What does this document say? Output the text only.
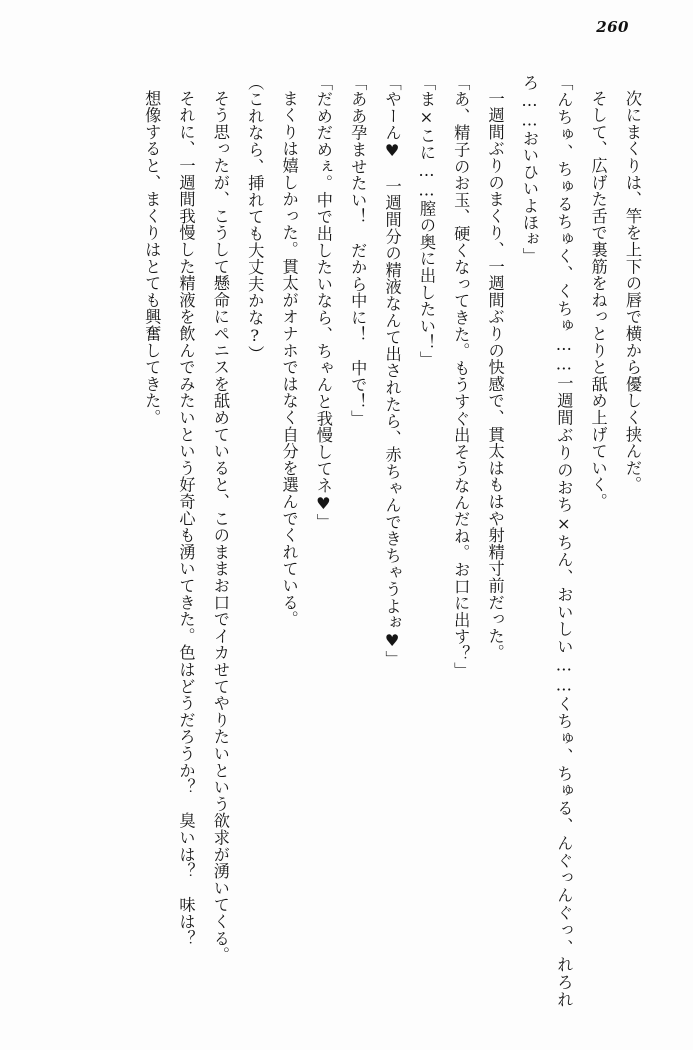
260

次にまくりは、竿を上下の唇で横から優しく挟んだ。

そして、広げた舌で裏筋をねっとりと舐め上げていく。

「んちゅ、ちゅるちゅく、くちゅ……一週間ぶりのおち×ちん、おいしい……くちゅ、ちゅる、んぐっんぐっ、れろれろ……おいひいよほぉ」

一週間ぶりのまくり、一週間ぶりの快感で、貫太はもはや射精寸前だった。

「あ、精子のお玉、硬くなってきた。もうすぐ出そうなんだね。お口に出す？」

「ま×こに……膣の奥に出したい！」

「やーん♥　一週間分の精液なんて出されたら、赤ちゃんできちゃうよぉ♥」

「ああ孕ませたい！　だから中に！　中で！」

「だめだめぇ。中で出したいなら、ちゃんと我慢してネ♥」

まくりは嬉しかった。貫太がオナホではなく自分を選んでくれている。

（これなら、挿れても大丈夫かな?）

そう思ったが、こうして懸命にペニスを舐めていると、このままお口でイカせてやりたいという欲求が湧いてくる。

それに、一週間我慢した精液を飲んでみたいという好奇心も湧いてきた。色はどうだろうか？　臭いは？　味は？

想像すると、まくりはとても興奮してきた。
